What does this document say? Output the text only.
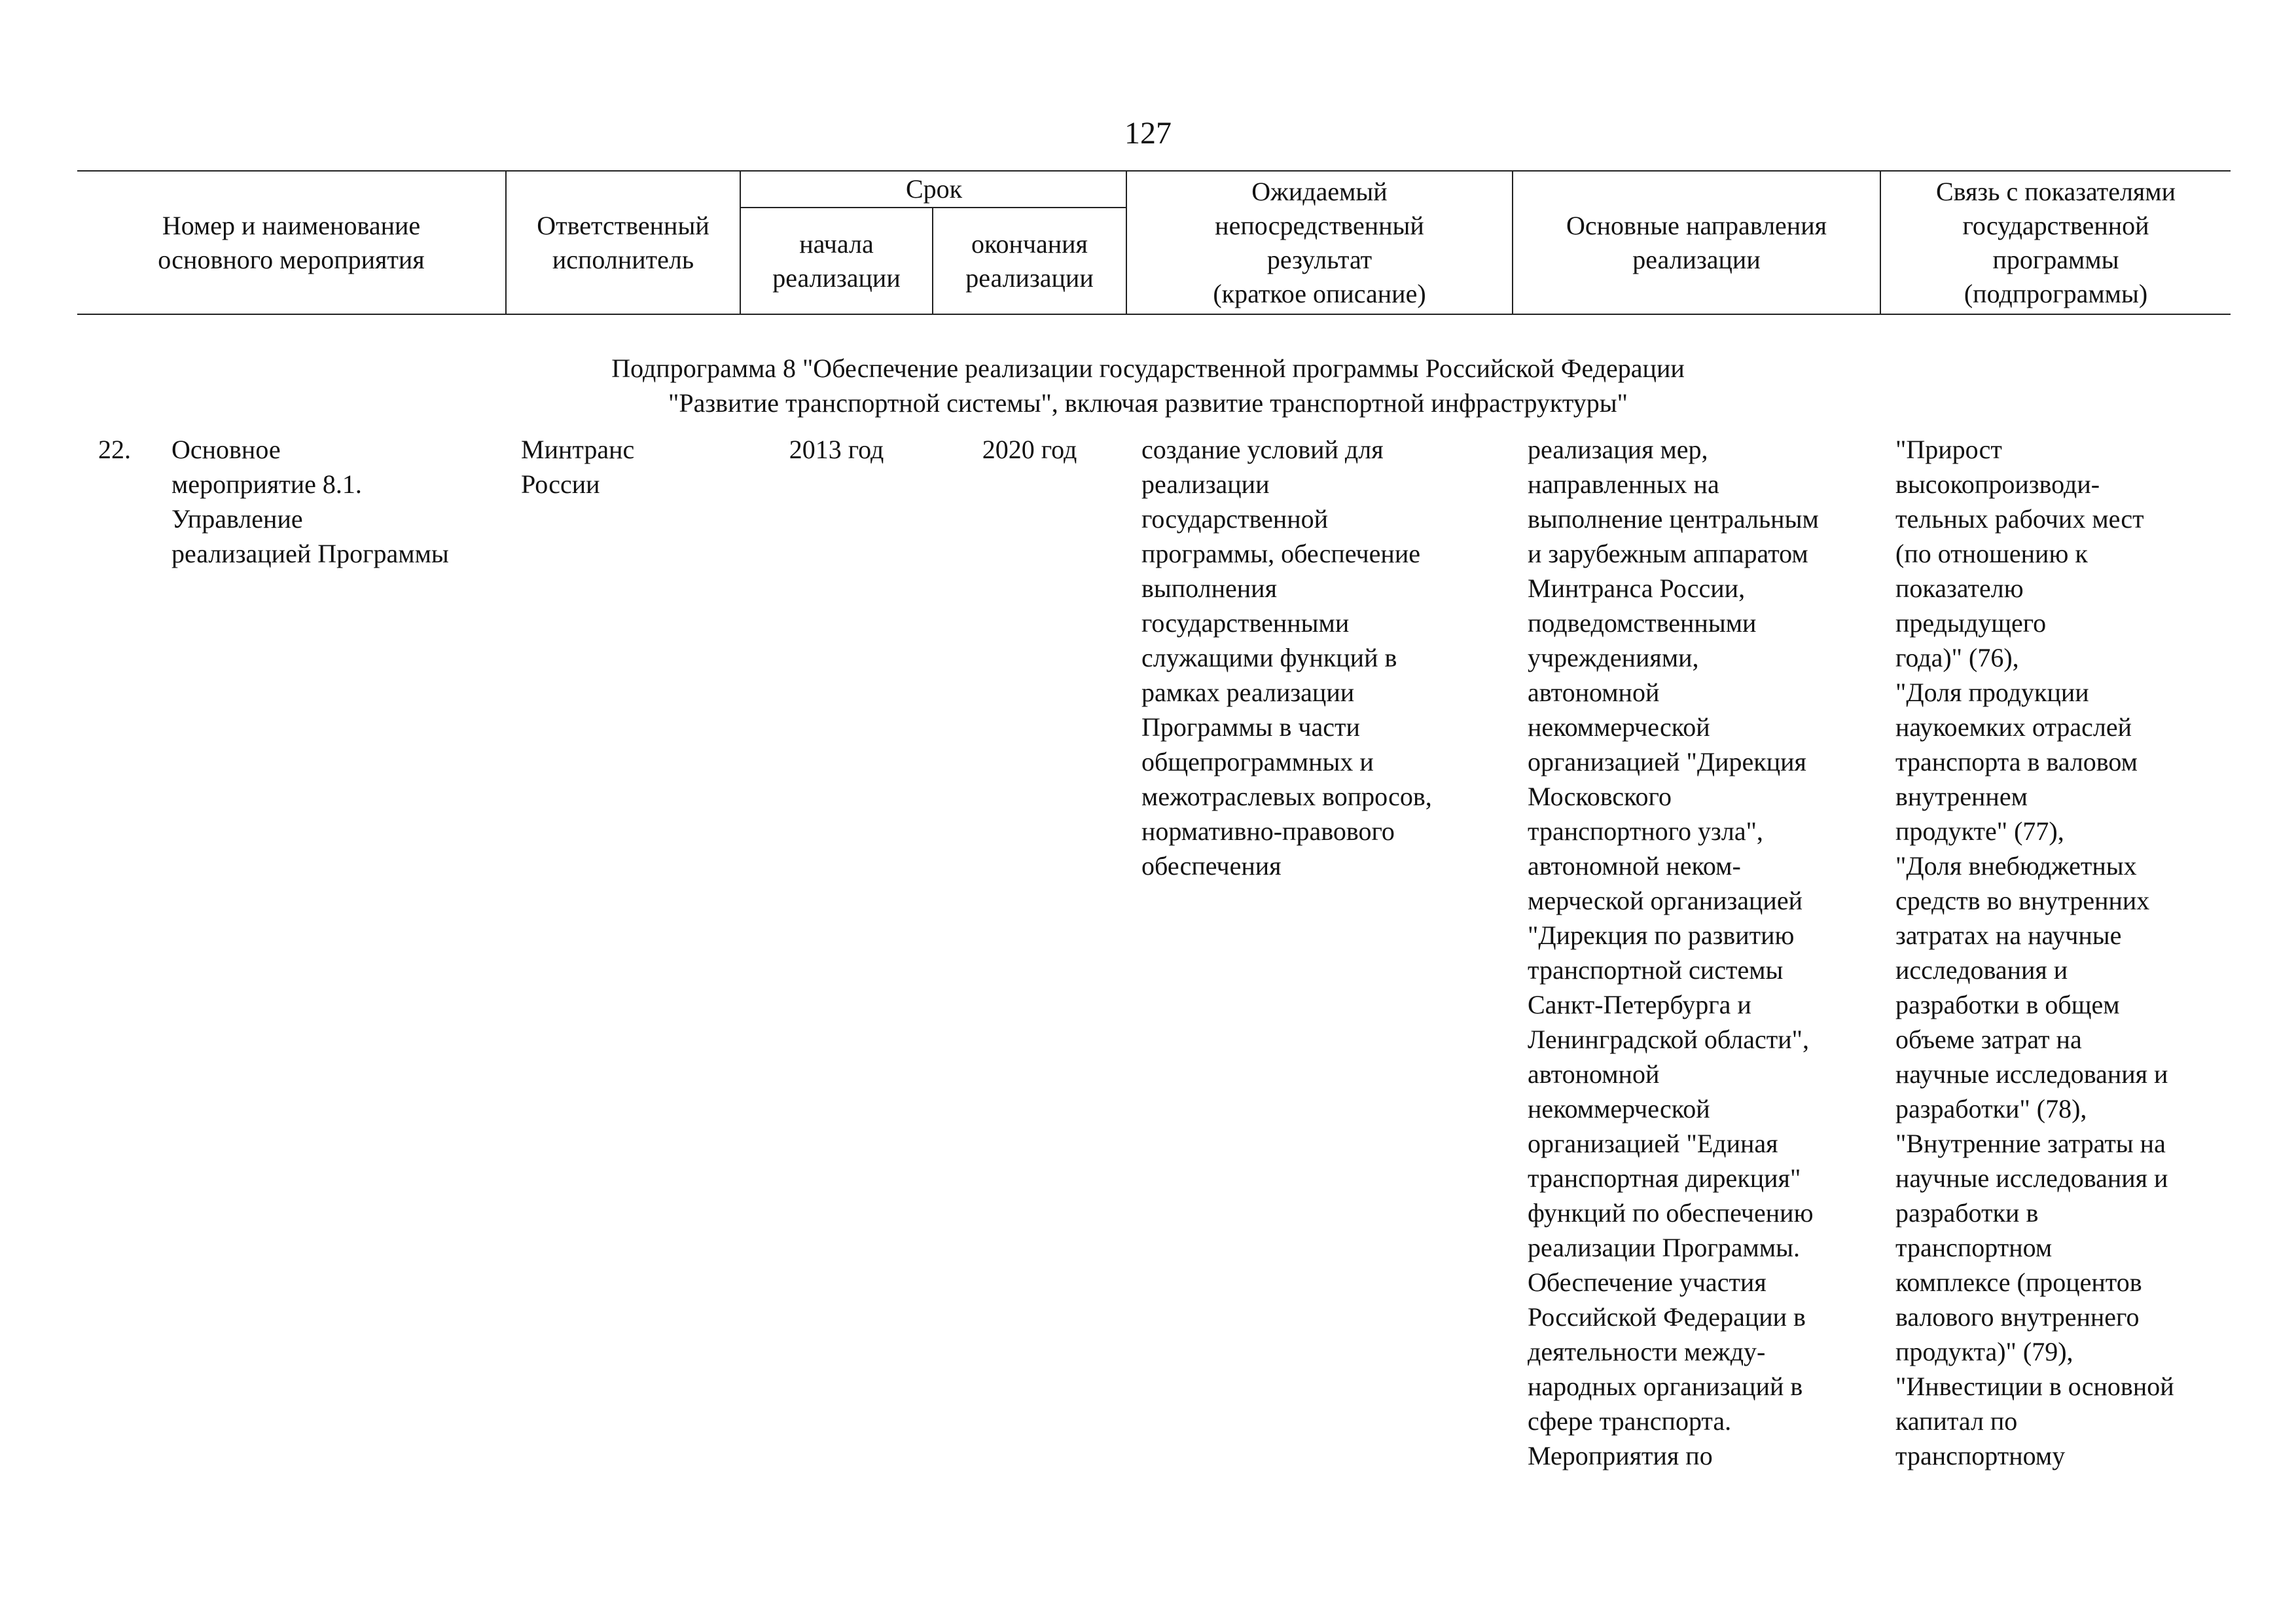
127
Номер и наименование
основного мероприятия
Ответственный
исполнитель
Срок
начала
реализации
окончания
реализации
Ожидаемый
непосредственный
результат
(краткое описание)
Основные направления
реализации
Связь с показателями
государственной
программы
(подпрограммы)
Подпрограмма 8 "Обеспечение реализации государственной программы Российской Федерации
"Развитие транспортной системы", включая развитие транспортной инфраструктуры"
22. Основное
мероприятие 8.1.
Управление
реализацией Программы
Минтранс
России
2013 год	2020 год	создание условий для
реализации
государственной
программы, обеспечение
выполнения
государственными
служащими функций в
рамках реализации
Программы в части
общепрограммных и
межотраслевых вопросов,
нормативно-правового
обеспечения
реализация мер,
направленных на
выполнение центральным
и зарубежным аппаратом
Минтранса России,
подведомственными
учреждениями,
автономной
некоммерческой
организацией "Дирекция
Московского
транспортного узла",
автономной неком-
мерческой организацией
"Дирекция по развитию
транспортной системы
Санкт-Петербурга и
Ленинградской области",
автономной
некоммерческой
организацией "Единая
транспортная дирекция"
функций по обеспечению
реализации Программы.
Обеспечение участия
Российской Федерации в
деятельности между-
народных организаций в
сфере транспорта.
Мероприятия по
"Прирост
высокопроизводи-
тельных рабочих мест
(по отношению к
показателю
предыдущего
года)" (76),
"Доля продукции
наукоемких отраслей
транспорта в валовом
внутреннем
продукте" (77),
"Доля внебюджетных
средств во внутренних
затратах на научные
исследования и
разработки в общем
объеме затрат на
научные исследования и
разработки" (78),
"Внутренние затраты на
научные исследования и
разработки в
транспортном
комплексе (процентов
валового внутреннего
продукта)" (79),
"Инвестиции в основной
капитал по
транспортному
